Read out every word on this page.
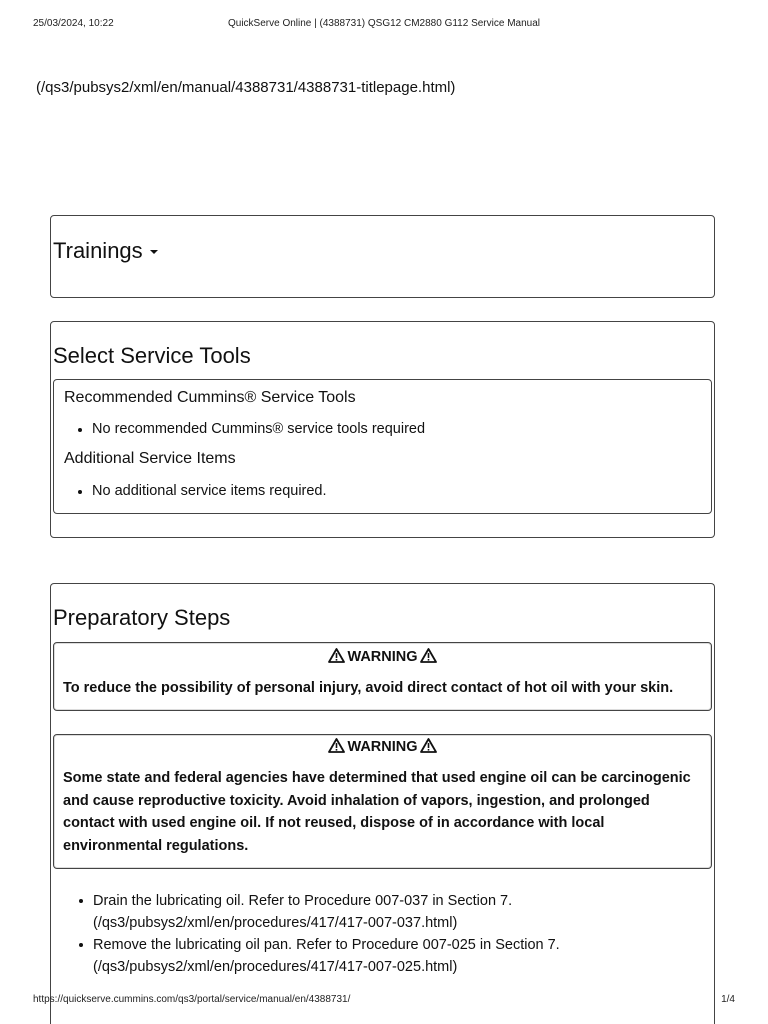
25/03/2024, 10:22	QuickServe Online | (4388731) QSG12 CM2880 G112 Service Manual
(/qs3/pubsys2/xml/en/manual/4388731/4388731-titlepage.html)
Trainings
Select Service Tools
Recommended Cummins® Service Tools
No recommended Cummins® service tools required
Additional Service Items
No additional service items required.
Preparatory Steps
WARNING
To reduce the possibility of personal injury, avoid direct contact of hot oil with your skin.
WARNING
Some state and federal agencies have determined that used engine oil can be carcinogenic and cause reproductive toxicity. Avoid inhalation of vapors, ingestion, and prolonged contact with used engine oil. If not reused, dispose of in accordance with local environmental regulations.
Drain the lubricating oil. Refer to Procedure 007-037 in Section 7.
(/qs3/pubsys2/xml/en/procedures/417/417-007-037.html)
Remove the lubricating oil pan. Refer to Procedure 007-025 in Section 7.
(/qs3/pubsys2/xml/en/procedures/417/417-007-025.html)
https://quickserve.cummins.com/qs3/portal/service/manual/en/4388731/	1/4
